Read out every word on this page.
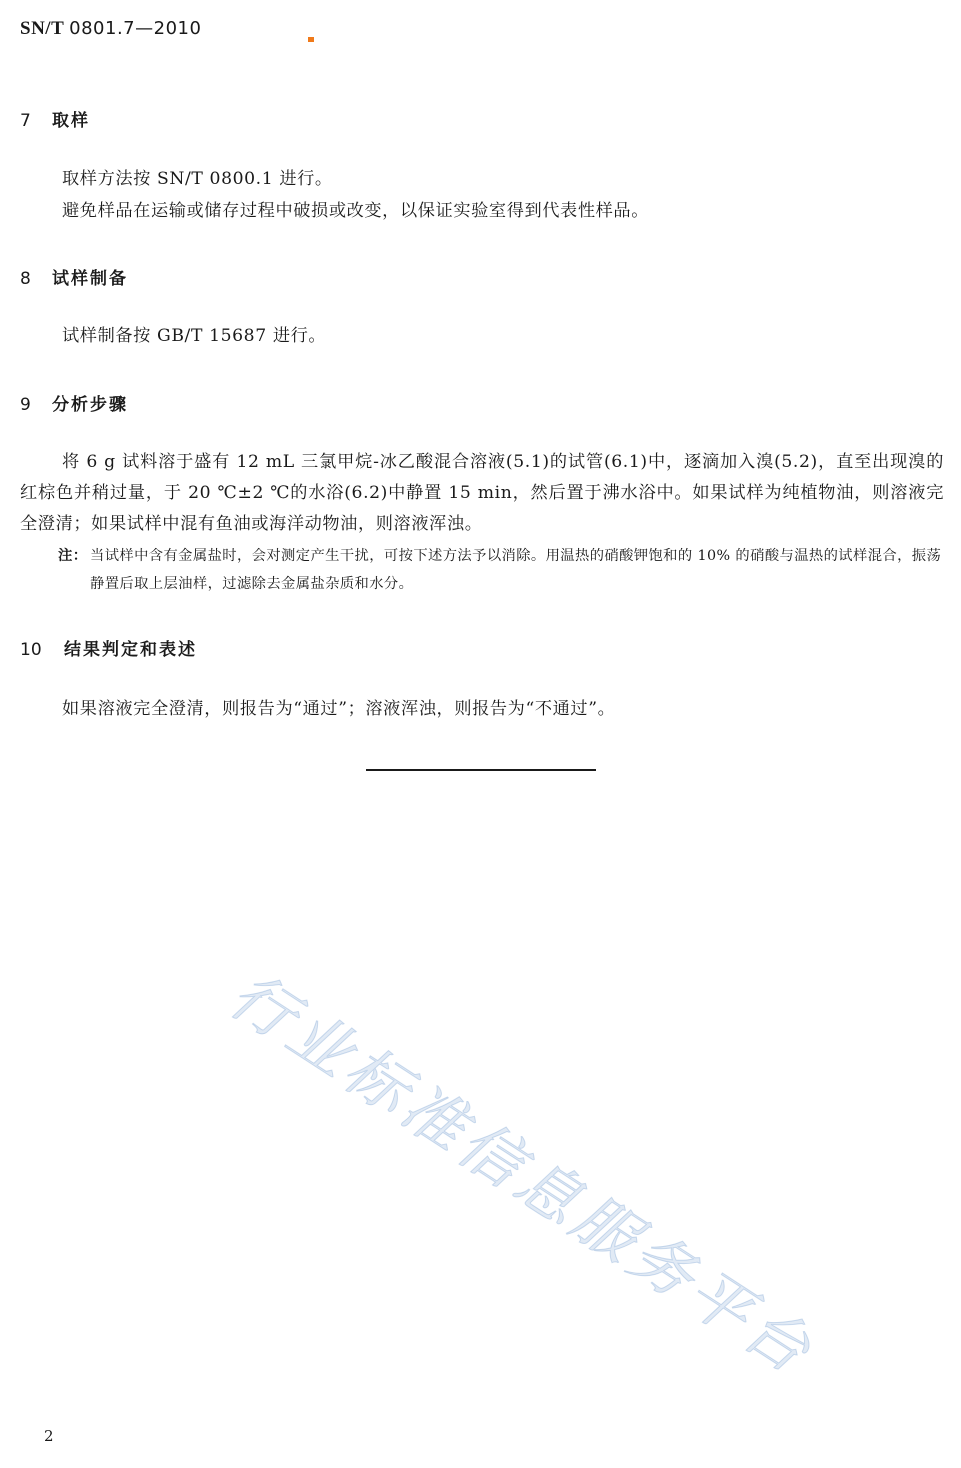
SN/T 0801.7—2010
7 取样
取样方法按 SN/T 0800.1 进行。
避免样品在运输或储存过程中破损或改变，以保证实验室得到代表性样品。
8 试样制备
试样制备按 GB/T 15687 进行。
9 分析步骤
将 6 g 试料溶于盛有 12 mL 三氯甲烷-冰乙酸混合溶液(5.1)的试管(6.1)中，逐滴加入溴(5.2)，直至出现溴的红棕色并稍过量，于 20 ℃±2 ℃的水浴(6.2)中静置 15 min，然后置于沸水浴中。如果试样为纯植物油，则溶液完全澄清；如果试样中混有鱼油或海洋动物油，则溶液浑浊。
注： 当试样中含有金属盐时，会对测定产生干扰，可按下述方法予以消除。用温热的硝酸钾饱和的 10% 的硝酸与温热的试样混合，振荡静置后取上层油样，过滤除去金属盐杂质和水分。
10 结果判定和表述
如果溶液完全澄清，则报告为“通过”；溶液浑浊，则报告为“不通过”。
行业标准信息服务平台
2
